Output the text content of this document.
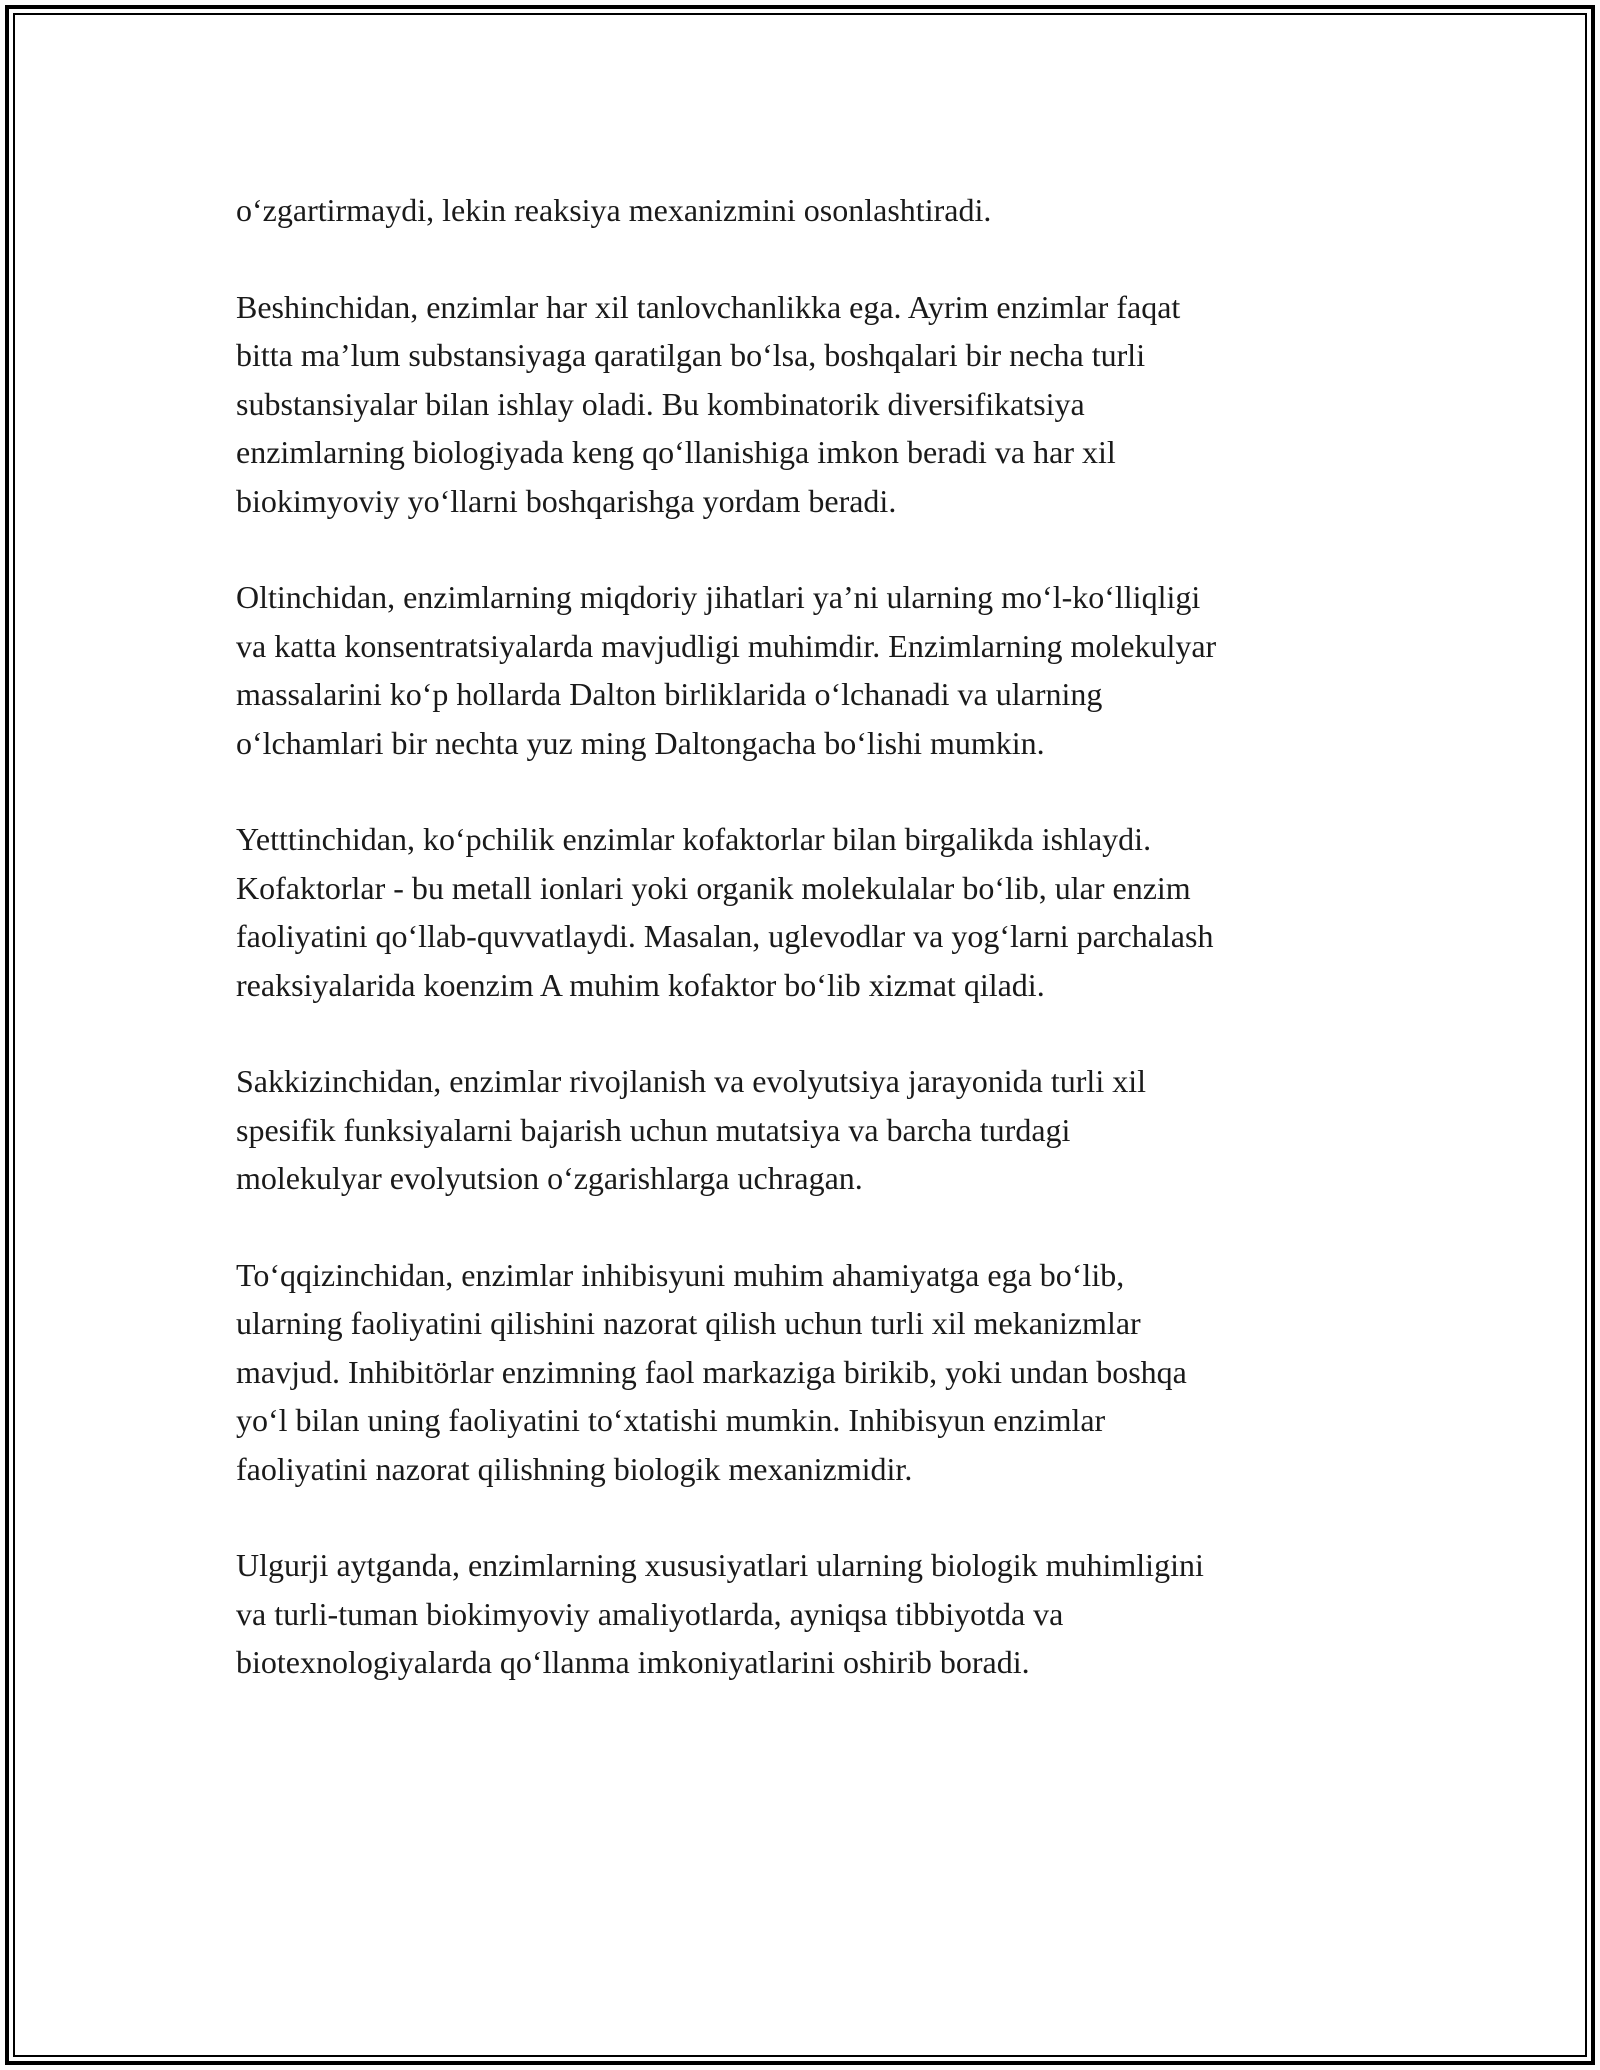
o‘zgartirmaydi, lekin reaksiya mexanizmini osonlashtiradi.

Beshinchidan, enzimlar har xil tanlovchanlikka ega. Ayrim enzimlar faqat
bitta ma’lum substansiyaga qaratilgan bo‘lsa, boshqalari bir necha turli
substansiyalar bilan ishlay oladi. Bu kombinatorik diversifikatsiya
enzimlarning biologiyada keng qo‘llanishiga imkon beradi va har xil
biokimyoviy yo‘llarni boshqarishga yordam beradi.

Oltinchidan, enzimlarning miqdoriy jihatlari ya’ni ularning mo‘l-ko‘lliqligi
va katta konsentratsiyalarda mavjudligi muhimdir. Enzimlarning molekulyar
massalarini ko‘p hollarda Dalton birliklarida o‘lchanadi va ularning
o‘lchamlari bir nechta yuz ming Daltongacha bo‘lishi mumkin.

Yetttinchidan, ko‘pchilik enzimlar kofaktorlar bilan birgalikda ishlaydi.
Kofaktorlar - bu metall ionlari yoki organik molekulalar bo‘lib, ular enzim
faoliyatini qo‘llab-quvvatlaydi. Masalan, uglevodlar va yog‘larni parchalash
reaksiyalarida koenzim A muhim kofaktor bo‘lib xizmat qiladi.

Sakkizinchidan, enzimlar rivojlanish va evolyutsiya jarayonida turli xil
spesifik funksiyalarni bajarish uchun mutatsiya va barcha turdagi
molekulyar evolyutsion o‘zgarishlarga uchragan.

To‘qqizinchidan, enzimlar inhibisyuni muhim ahamiyatga ega bo‘lib,
ularning faoliyatini qilishini nazorat qilish uchun turli xil mekanizmlar
mavjud. Inhibitörlar enzimning faol markaziga birikib, yoki undan boshqa
yo‘l bilan uning faoliyatini to‘xtatishi mumkin. Inhibisyun enzimlar
faoliyatini nazorat qilishning biologik mexanizmidir.

Ulgurji aytganda, enzimlarning xususiyatlari ularning biologik muhimligini
va turli-tuman biokimyoviy amaliyotlarda, ayniqsa tibbiyotda va
biotexnologiyalarda qo‘llanma imkoniyatlarini oshirib boradi.
